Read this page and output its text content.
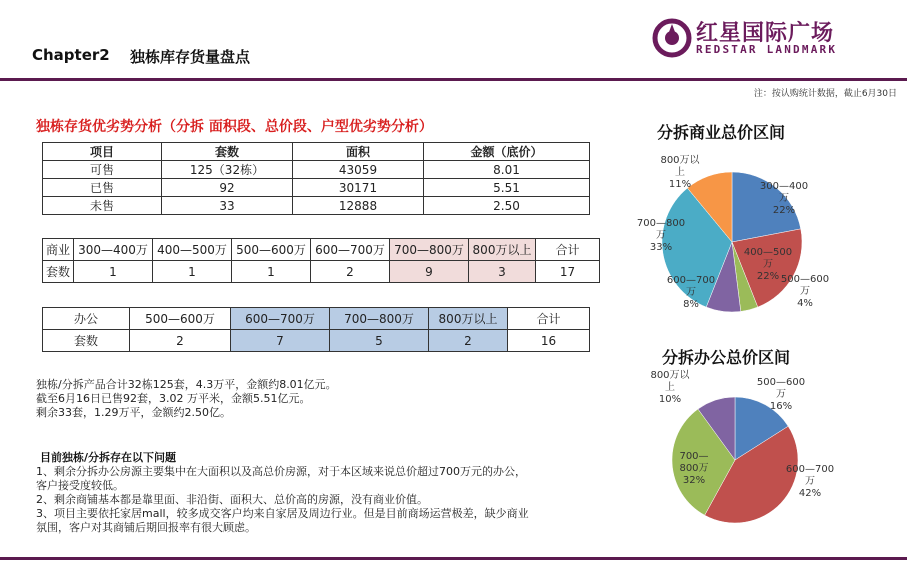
Chapter2 独栋库存货量盘点
红星国际广场
REDSTAR LANDMARK
注：按认购统计数据，截止6月30日
独栋存货优劣势分析（分拆 面积段、总价段、户型优劣势分析）
项目	套数	面积	金额（底价）
可售	125（32栋）	43059	8.01
已售	92	30171	5.51
未售	33	12888	2.50
商业	300—400万	400—500万	500—600万	600—700万	700—800万	800万以上	合计
套数	1	1	1	2	9	3	17
办公	500—600万	600—700万	700—800万	800万以上	合计
套数	2	7	5	2	16
独栋/分拆产品合计32栋125套，4.3万平，金额约8.01亿元。
截至6月16日已售92套，3.02 万平米，金额5.51亿元。
剩余33套，1.29万平，金额约2.50亿。
目前独栋/分拆存在以下问题
1、剩余分拆办公房源主要集中在大面积以及高总价房源，对于本区域来说总价超过700万元的办公，
客户接受度较低。
2、剩余商铺基本都是靠里面、非沿街、面积大、总价高的房源，没有商业价值。
3、项目主要依托家居mall，较多成交客户均来自家居及周边行业。但是目前商场运营极差，缺少商业
氛围，客户对其商铺后期回报率有很大顾虑。
分拆商业总价区间
300—400 万 22%
400—500 万 22% 500—600 万 4%
600—700 万 8%
700—800 万 33%
800万以上 11%
分拆办公总价区间
500—600 万 16%
600—700 万 42%
700— 800万 32%
800万以上 10%
